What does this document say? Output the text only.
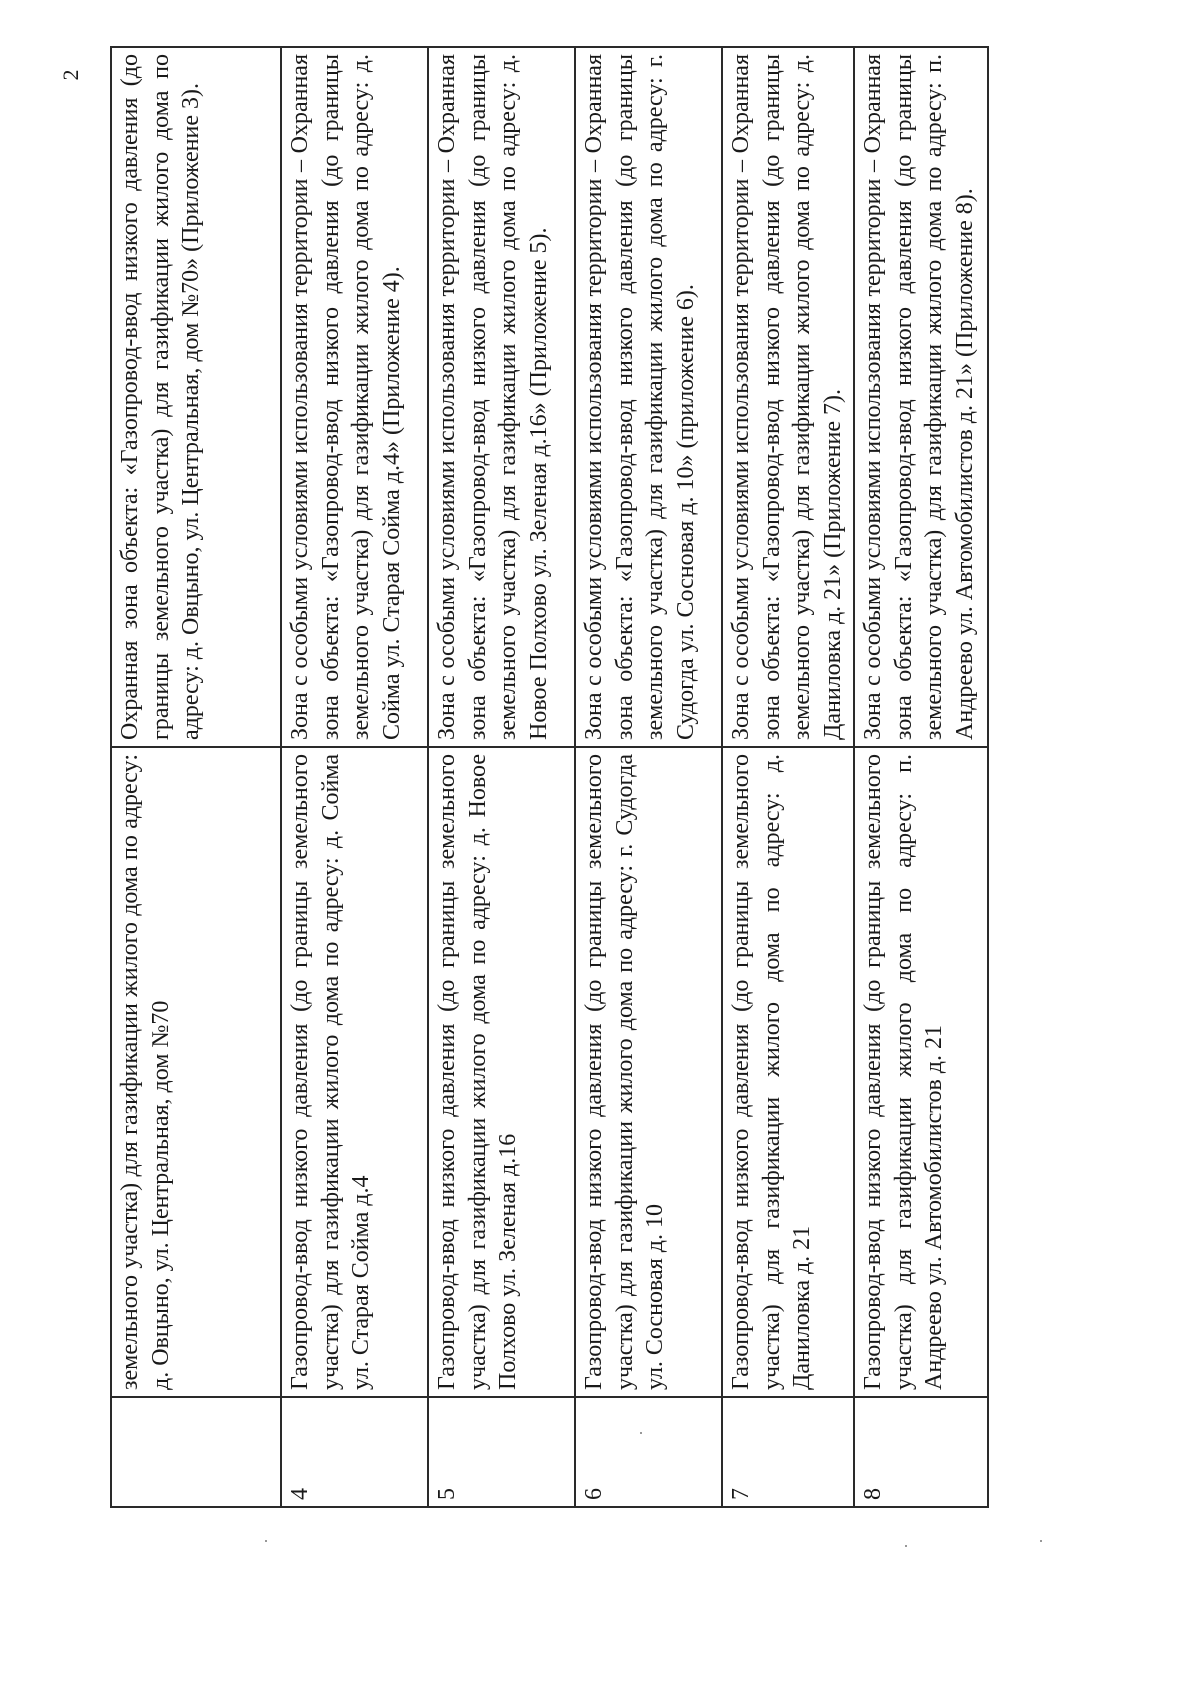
2
	земельного участка) для газификации жилого дома по адресу: д. Овцыно, ул. Центральная, дом №70	Охранная зона объекта: «Газопровод-ввод низкого давления (до границы земельного участка) для газификации жилого дома по адресу: д. Овцыно, ул. Центральная, дом №70» (Приложение 3).
4	Газопровод-ввод низкого давления (до границы земельного участка) для газификации жилого дома по адресу: д. Сойма ул. Старая Сойма д.4	Зона с особыми условиями использования территории – Охранная зона объекта: «Газопровод-ввод низкого давления (до границы земельного участка) для газификации жилого дома по адресу: д. Сойма ул. Старая Сойма д.4» (Приложение 4).
5	Газопровод-ввод низкого давления (до границы земельного участка) для газификации жилого дома по адресу: д. Новое Полхово ул. Зеленая д.16	Зона с особыми условиями использования территории – Охранная зона объекта: «Газопровод-ввод низкого давления (до границы земельного участка) для газификации жилого дома по адресу: д. Новое Полхово ул. Зеленая д.16» (Приложение 5).
6	Газопровод-ввод низкого давления (до границы земельного участка) для газификации жилого дома по адресу: г. Судогда ул. Сосновая д. 10	Зона с особыми условиями использования территории – Охранная зона объекта: «Газопровод-ввод низкого давления (до границы земельного участка) для газификации жилого дома по адресу: г. Судогда ул. Сосновая д. 10» (приложение 6).
7	Газопровод-ввод низкого давления (до границы земельного участка) для газификации жилого дома по адресу: д. Даниловка д. 21	Зона с особыми условиями использования территории – Охранная зона объекта: «Газопровод-ввод низкого давления (до границы земельного участка) для газификации жилого дома по адресу: д. Даниловка д. 21» (Приложение 7).
8	Газопровод-ввод низкого давления (до границы земельного участка) для газификации жилого дома по адресу: п. Андреево ул. Автомобилистов д. 21	Зона с особыми условиями использования территории – Охранная зона объекта: «Газопровод-ввод низкого давления (до границы земельного участка) для газификации жилого дома по адресу: п. Андреево ул. Автомобилистов д. 21» (Приложение 8).
